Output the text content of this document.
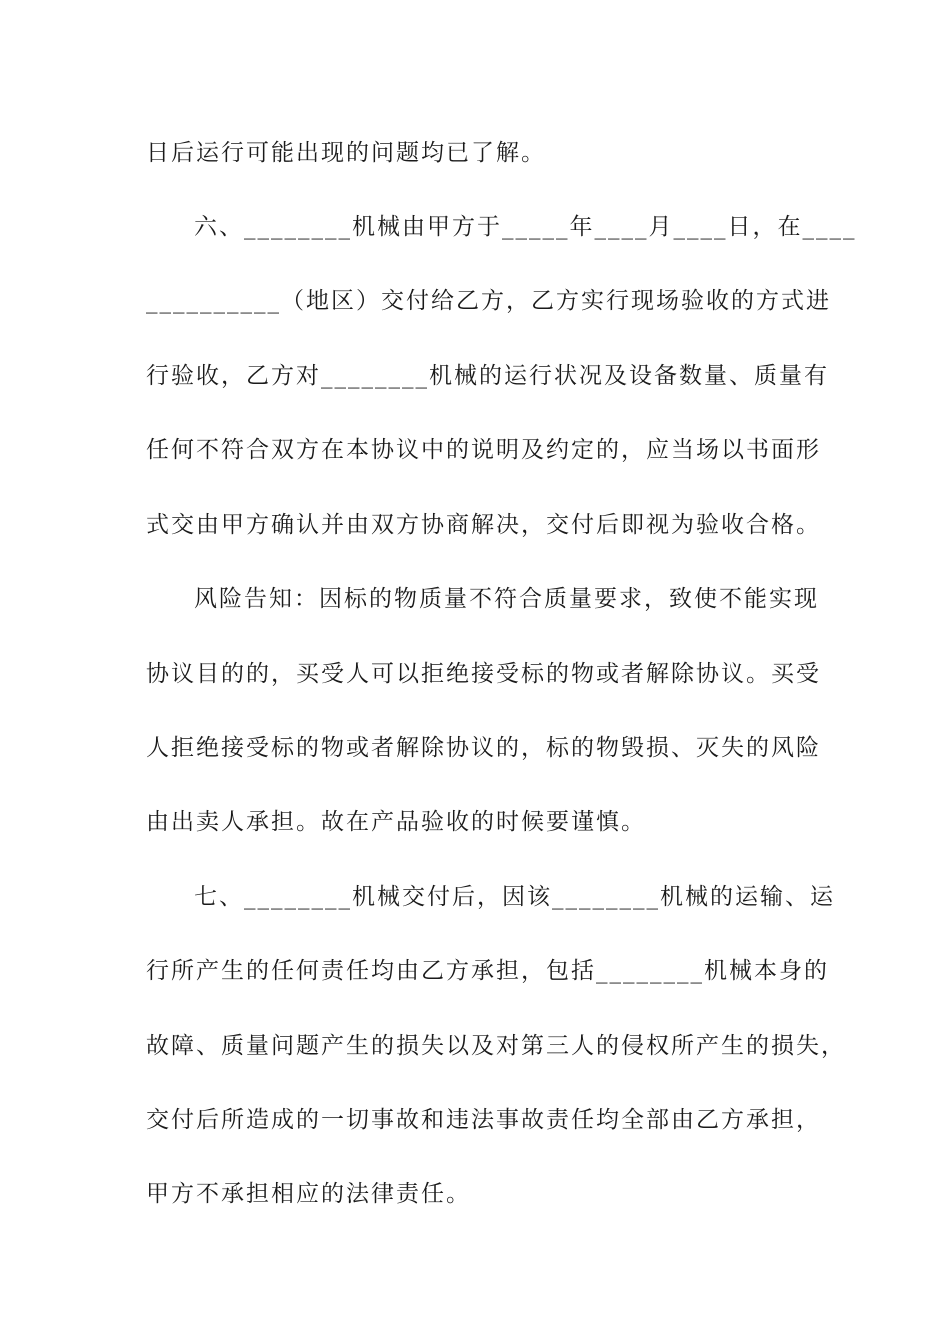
日后运行可能出现的问题均已了解。
六、________机械由甲方于_____年____月____日，在____
__________（地区）交付给乙方，乙方实行现场验收的方式进
行验收，乙方对________机械的运行状况及设备数量、质量有
任何不符合双方在本协议中的说明及约定的，应当场以书面形
式交由甲方确认并由双方协商解决，交付后即视为验收合格。
风险告知：因标的物质量不符合质量要求，致使不能实现
协议目的的，买受人可以拒绝接受标的物或者解除协议。买受
人拒绝接受标的物或者解除协议的，标的物毁损、灭失的风险
由出卖人承担。故在产品验收的时候要谨慎。
七、________机械交付后，因该________机械的运输、运
行所产生的任何责任均由乙方承担，包括________机械本身的
故障、质量问题产生的损失以及对第三人的侵权所产生的损失，
交付后所造成的一切事故和违法事故责任均全部由乙方承担，
甲方不承担相应的法律责任。
